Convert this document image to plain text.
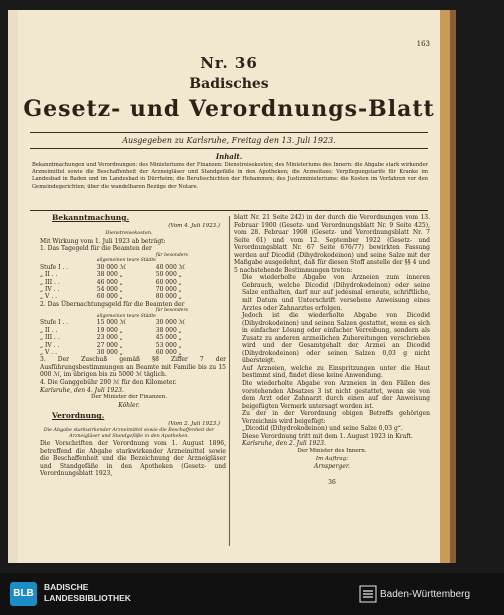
163
Nr. 36
Badisches
Gesetz- und Verordnungs-Blatt
Ausgegeben zu Karlsruhe, Freitag den 13. Juli 1923.
Inhalt.
Bekanntmachungen und Verordnungen: des Ministeriums der Finanzen: Dienstreisekosten; des Ministeriums des Innern: die Abgabe stark wirkender Arzneimittel sowie die Beschaffenheit der Arzneigläser und Standgefäße in den Apotheken; die Arzneitaxe; Verpflegungstarife für Kranke im Landesbad in Baden und im Landesbad in Dürrheim; die Berufsschichten der Hebammen; des Justizministeriums: die Kosten im Verfahren vor den Gemeindegerichten; über die wandelbaren Bezüge der Notare.
Bekanntmachung.
(Vom 4. Juli 1923.)
Dienstreisekosten.
Mit Wirkung vom 1. Juli 1923 ab beträgt:
1. Das Tagegeld für die Beamten der
		für besonders
	allgemeinen teure Städte	
Stufe I . .	30 000 ℳ	40 000 ℳ
„ II . .	38 000 „	50 000 „
„ III . .	46 000 „	60 000 „
„ IV . .	54 000 „	70 000 „
„ V . .	60 000 „	80 000 „
2. Das Übernachtungsgeld für die Beamten der
		für besonders
	allgemeinen teure Städte	
Stufe I . .	15 000 ℳ	30 000 ℳ
„ II . .	19 000 „	38 000 „
„ III . .	23 000 „	45 000 „
„ IV . .	27 000 „	53 000 „
„ V . .	30 000 „	60 000 „
3. Der Zuschuß gemäß §8 Ziffer 7 der Ausführungsbestimmungen an Beamte mit Familie bis zu 15 000 ℳ, im übrigen bis zu 5000 ℳ täglich.
4. Die Ganggebühr 200 ℳ für den Kilometer.
Karlsruhe, den 4. Juli 1923.
Der Minister der Finanzen.
Köhler.
Verordnung.
(Vom 2. Juli 1923.)
Die Abgabe starkwirkender Arzneimittel sowie die Beschaffenheit der Arzneigläser und Standgefäße in den Apotheken.
Die Vorschriften der Verordnung vom 1. August 1896, betreffend die Abgabe starkwirkender Arzneimittel sowie die Beschaffenheit und die Bezeichnung der Arzneigläser und Standgefäße in den Apotheken (Gesetz- und Verordnungsblatt 1923,
blatt Nr. 21 Seite 242) in der durch die Verordnungen vom 13. Februar 1900 (Gesetz- und Verordnungsblatt Nr. 9 Seite 425), vom 28. Februar 1908 (Gesetz- und Verordnungsblatt Nr. 7 Seite 61) und vom 12. September 1922 (Gesetz- und Verordnungsblatt Nr. 67 Seite 676/77) bewirkten Fassung werden auf Dicodid (Dihydrokodeinon) und seine Salze mit der Maßgabe ausgedehnt, daß für diesen Stoff anstelle der §§ 4 und 5 nachstehende Bestimmungen treten:
Die wiederholte Abgabe von Arzneien zum inneren Gebrauch, welche Dicodid (Dihydrokodeinon) oder seine Salze enthalten, darf nur auf jedesmal erneute, schriftliche, mit Datum und Unterschrift versehene Anweisung eines Arztes oder Zahnarztes erfolgen.
Jedoch ist die wiederholte Abgabe von Dicodid (Dihydrokodeinon) und seinen Salzen gestattet, wenn es sich in einfacher Lösung oder einfacher Verreibung, sondern als Zusatz zu anderen arzneilichen Zubereitungen verschrieben wird und der Gesamtgehalt der Arznei an Dicodid (Dihydrokodeinon) oder seinen Salzen 0,03 g nicht übersteigt.
Auf Arzneien, welche zu Einspritzungen unter die Haut bestimmt sind, findet diese keine Anwendung.
Die wiederholte Abgabe von Arzneien in den Fällen des vorstehenden Absatzes 3 ist nicht gestattet, wenn sie von dem Arzt oder Zahnarzt durch einen auf der Anweisung beigefügten Vermerk untersagt worden ist.
Zu der in der Verordnung obigen Betreffs gehörigen Verzeichnis wird beigefügt:
„Dicodid (Dihydrokodeinon) und seine Salze 0,03 g“.
Diese Verordnung tritt mit dem 1. August 1923 in Kraft.
Karlsruhe, den 2. Juli 1923.
Der Minister des Innern.
Im Auftrag:
Arnsperger.
36
BLB
BADISCHE
LANDESBIBLIOTHEK	Baden-Württemberg
